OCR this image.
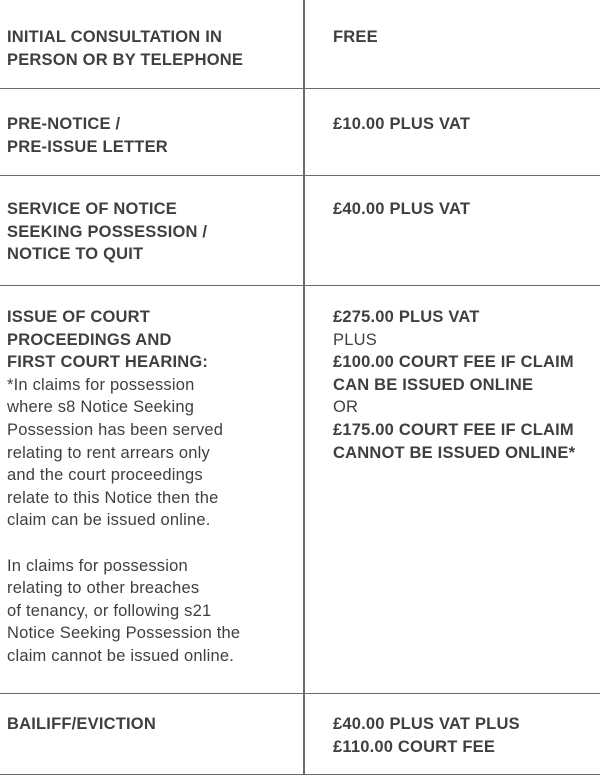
INITIAL CONSULTATION IN
PERSON OR BY TELEPHONE
FREE
PRE-NOTICE /
PRE-ISSUE LETTER
£10.00 PLUS VAT
SERVICE OF NOTICE
SEEKING POSSESSION /
NOTICE TO QUIT
£40.00 PLUS VAT
ISSUE OF COURT
PROCEEDINGS AND
FIRST COURT HEARING:
*In claims for possession
where s8 Notice Seeking
Possession has been served
relating to rent arrears only
and the court proceedings
relate to this Notice then the
claim can be issued online.
In claims for possession
relating to other breaches
of tenancy, or following s21
Notice Seeking Possession the
claim cannot be issued online.
£275.00 PLUS VAT
PLUS
£100.00 COURT FEE IF CLAIM
CAN BE ISSUED ONLINE
OR
£175.00 COURT FEE IF CLAIM
CANNOT BE ISSUED ONLINE*
BAILIFF/EVICTION	£40.00 PLUS VAT PLUS
£110.00 COURT FEE
